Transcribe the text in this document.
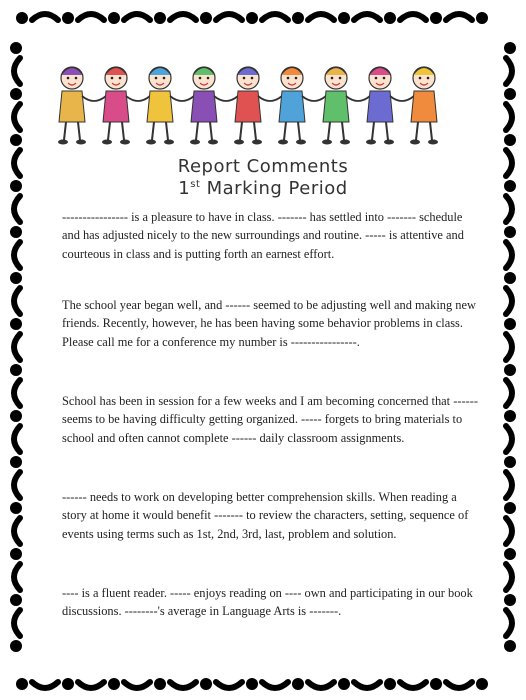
Report Comments
1st Marking Period

---------------- is a pleasure to have in class. ------- has settled into ------- schedule and has adjusted nicely to the new surroundings and routine. ----- is attentive and courteous in class and is putting forth an earnest effort.

The school year began well, and ------ seemed to be adjusting well and making new friends. Recently, however, he has been having some behavior problems in class. Please call me for a conference my number is ----------------.

School has been in session for a few weeks and I am becoming concerned that ------ seems to be having difficulty getting organized. ----- forgets to bring materials to school and often cannot complete ------ daily classroom assignments.

------ needs to work on developing better comprehension skills. When reading a story at home it would benefit ------- to review the characters, setting, sequence of events using terms such as 1st, 2nd, 3rd, last, problem and solution.

---- is a fluent reader. ----- enjoys reading on ---- own and participating in our book discussions. --------'s average in Language Arts is -------.
